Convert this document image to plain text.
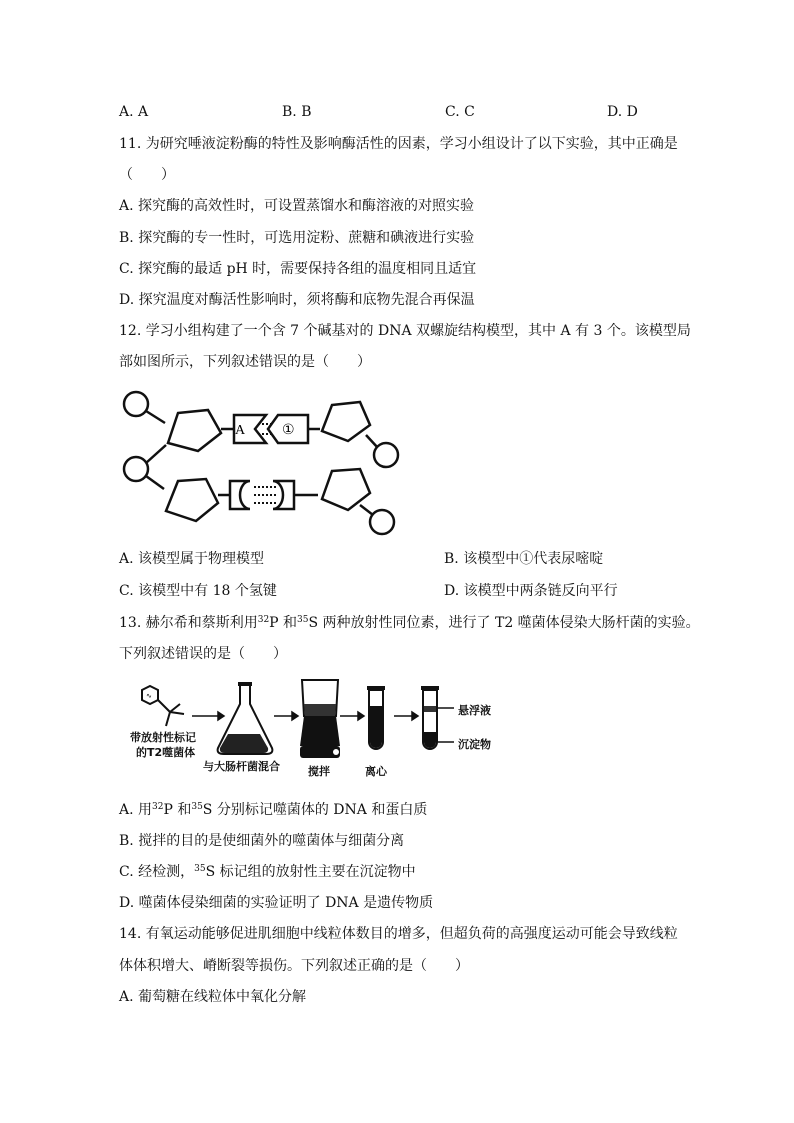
A. A	B. B	C. C	D. D
11. 为研究唾液淀粉酶的特性及影响酶活性的因素，学习小组设计了以下实验，其中正确是
（　　）
A. 探究酶的高效性时，可设置蒸馏水和酶溶液的对照实验
B. 探究酶的专一性时，可选用淀粉、蔗糖和碘液进行实验
C. 探究酶的最适 pH 时，需要保持各组的温度相同且适宜
D. 探究温度对酶活性影响时，须将酶和底物先混合再保温
12. 学习小组构建了一个含 7 个碱基对的 DNA 双螺旋结构模型，其中 A 有 3 个。该模型局
部如图所示，下列叙述错误的是（　　）
A	①
A. 该模型属于物理模型	B. 该模型中①代表尿嘧啶
C. 该模型中有 18 个氢键	D. 该模型中两条链反向平行
13. 赫尔希和蔡斯利用$^{32}$P 和$^{35}$S 两种放射性同位素，进行了 T2 噬菌体侵染大肠杆菌的实验。
下列叙述错误的是（　　）
∿
带放射性标记
的T2噬菌体
与大肠杆菌混合	搅拌	离心
悬浮液
沉淀物
A. 用$^{32}$P 和$^{35}$S 分别标记噬菌体的 DNA 和蛋白质
B. 搅拌的目的是使细菌外的噬菌体与细菌分离
C. 经检测，$^{35}$S 标记组的放射性主要在沉淀物中
D. 噬菌体侵染细菌的实验证明了 DNA 是遗传物质
14. 有氧运动能够促进肌细胞中线粒体数目的增多，但超负荷的高强度运动可能会导致线粒
体体积增大、嵴断裂等损伤。下列叙述正确的是（　　）
A. 葡萄糖在线粒体中氧化分解
